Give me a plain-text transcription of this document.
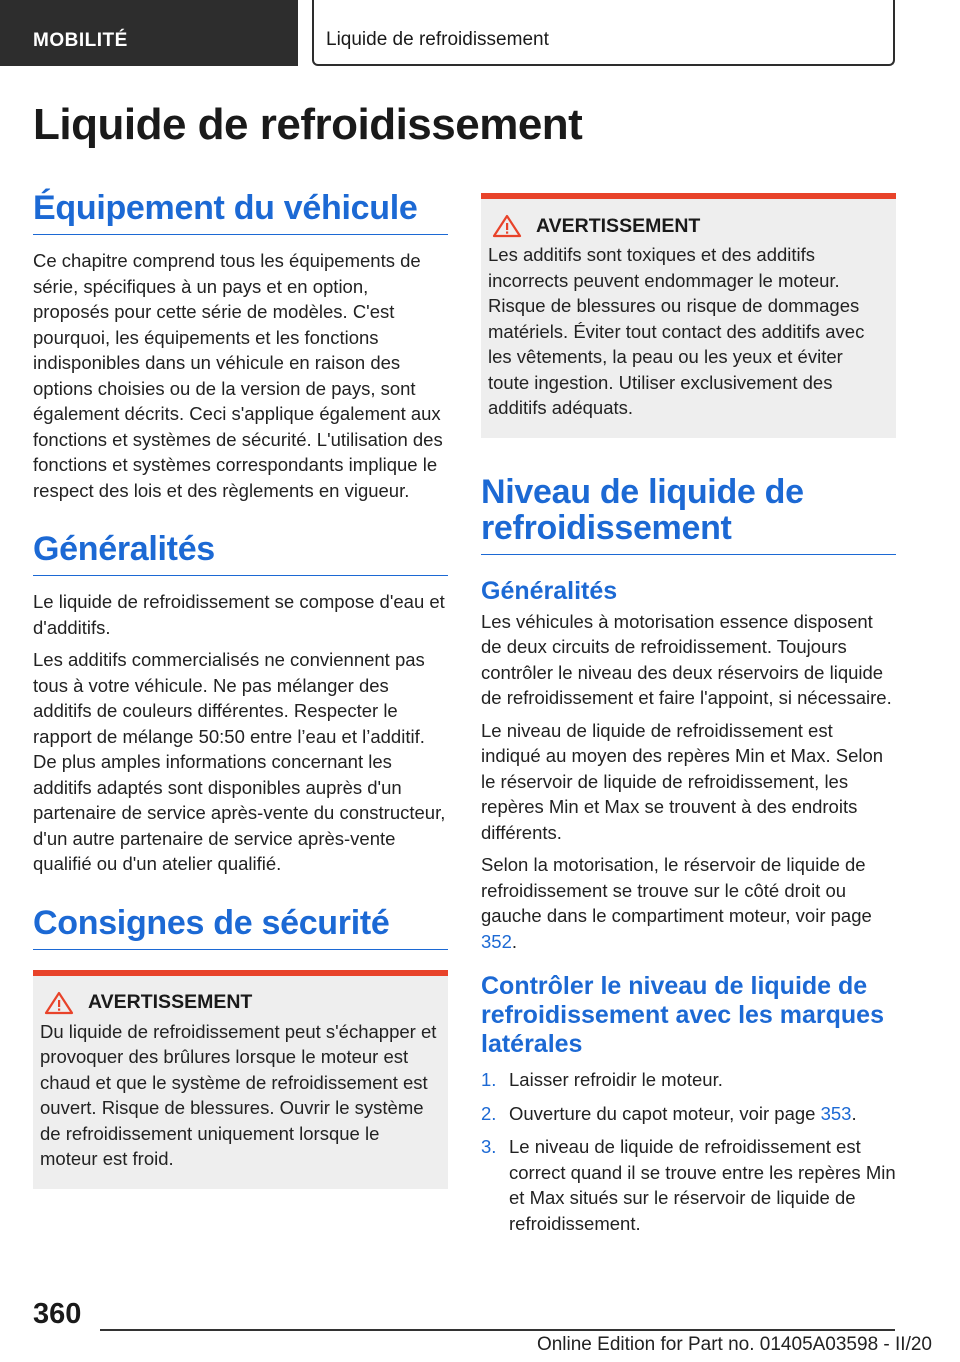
MOBILITÉ	Liquide de refroidissement
Liquide de refroidissement
Équipement du véhicule

Ce chapitre comprend tous les équipements de série, spécifiques à un pays et en option, proposés pour cette série de modèles. C'est pourquoi, les équipements et les fonctions indisponibles dans un véhicule en raison des options choisies ou de la version de pays, sont également décrits. Ceci s'applique également aux fonctions et systèmes de sécurité. L'utilisation des fonctions et systèmes correspondants implique le respect des lois et des règlements en vigueur.

Généralités

Le liquide de refroidissement se compose d'eau et d'additifs.

Les additifs commercialisés ne conviennent pas tous à votre véhicule. Ne pas mélanger des additifs de couleurs différentes. Respecter le rapport de mélange 50:50 entre l’eau et l’additif. De plus amples informations concernant les additifs adaptés sont disponibles auprès d'un partenaire de service après-vente du constructeur, d'un autre partenaire de service après-vente qualifié ou d'un atelier qualifié.

Consignes de sécurité
AVERTISSEMENT

Du liquide de refroidissement peut s'échapper et provoquer des brûlures lorsque le moteur est chaud et que le système de refroidissement est ouvert. Risque de blessures. Ouvrir le système de refroidissement uniquement lorsque le moteur est froid.

AVERTISSEMENT

Les additifs sont toxiques et des additifs incorrects peuvent endommager le moteur. Risque de blessures ou risque de dommages matériels. Éviter tout contact des additifs avec les vêtements, la peau ou les yeux et éviter toute ingestion. Utiliser exclusivement des additifs adéquats.

Niveau de liquide de refroidissement
Généralités

Les véhicules à motorisation essence disposent de deux circuits de refroidissement. Toujours contrôler le niveau des deux réservoirs de liquide de refroidissement et faire l'appoint, si nécessaire.

Le niveau de liquide de refroidissement est indiqué au moyen des repères Min et Max. Selon le réservoir de liquide de refroidissement, les repères Min et Max se trouvent à des endroits différents.

Selon la motorisation, le réservoir de liquide de refroidissement se trouve sur le côté droit ou gauche dans le compartiment moteur, voir page 352.

Contrôler le niveau de liquide de refroidissement avec les marques latérales
1. Laisser refroidir le moteur.
2. Ouverture du capot moteur, voir page 353.
3. Le niveau de liquide de refroidissement est correct quand il se trouve entre les repères Min et Max situés sur le réservoir de liquide de refroidissement.
360
Online Edition for Part no. 01405A03598 - II/20
